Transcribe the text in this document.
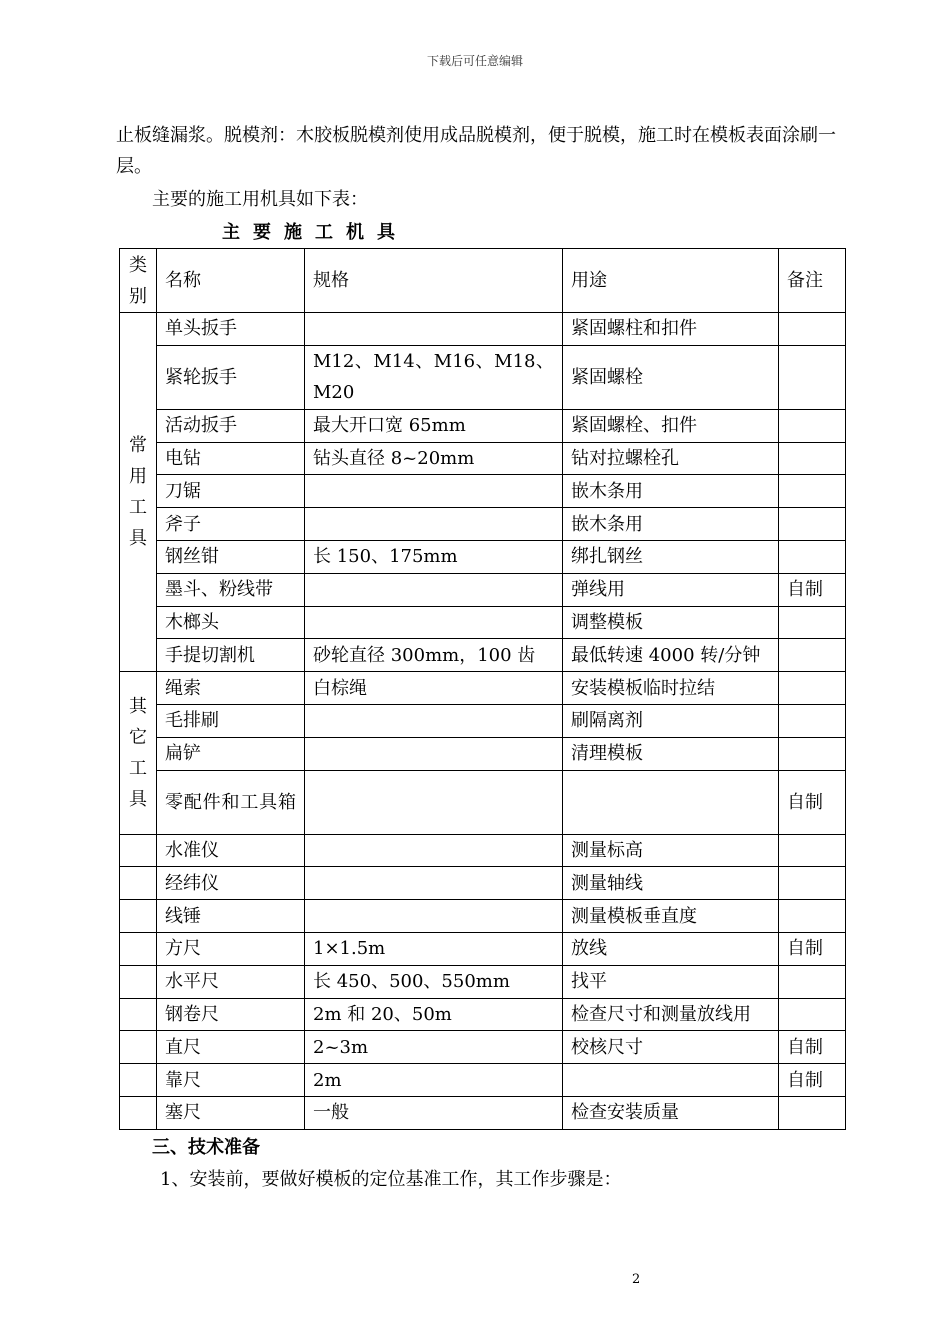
下载后可任意编辑
止板缝漏浆。脱模剂：木胶板脱模剂使用成品脱模剂，便于脱模，施工时在模板表面涂刷一层。
主要的施工用机具如下表：
主要施工机具
类别	名称	规格	用途	备注
常用工具	单头扳手		紧固螺柱和扣件	
	紧轮扳手	M12、M14、M16、M18、M20	紧固螺栓	
	活动扳手	最大开口宽 65mm	紧固螺栓、扣件	
	电钻	钻头直径 8~20mm	钻对拉螺栓孔	
	刀锯		嵌木条用	
	斧子		嵌木条用	
	钢丝钳	长 150、175mm	绑扎钢丝	
	墨斗、粉线带		弹线用	自制
	木榔头		调整模板	
	手提切割机	砂轮直径 300mm，100 齿	最低转速 4000 转/分钟	
其它工具	绳索	白棕绳	安装模板临时拉结	
	毛排刷		刷隔离剂	
	扁铲		清理模板	
	零配件和工具箱			自制
	水准仪		测量标高	
	经纬仪		测量轴线	
	线锤		测量模板垂直度	
	方尺	1×1.5m	放线	自制
	水平尺	长 450、500、550mm	找平	
	钢卷尺	2m 和 20、50m	检查尺寸和测量放线用	
	直尺	2~3m	校核尺寸	自制
	靠尺	2m		自制
	塞尺	一般	检查安装质量	
三、技术准备
1、安装前，要做好模板的定位基准工作，其工作步骤是：
2
